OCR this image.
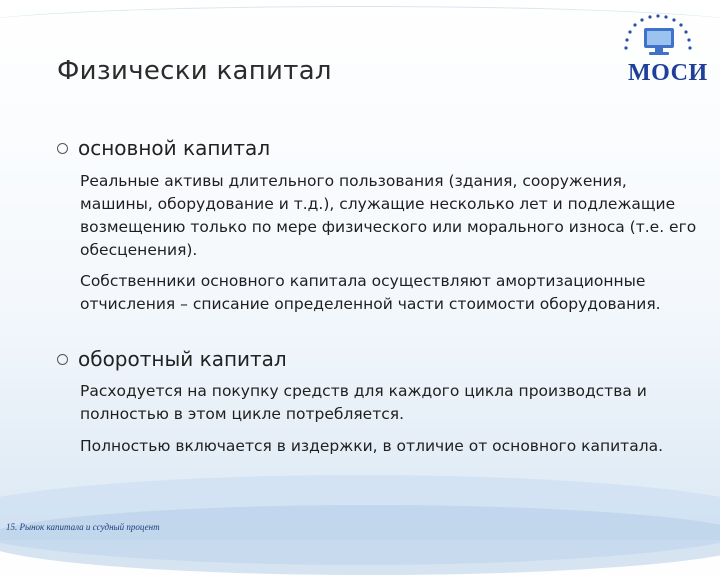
Физически капитал	МОСИ
основной капитал
Реальные активы длительного пользования (здания, сооружения, машины, оборудование и т.д.), служащие несколько лет и подлежащие возмещению только по мере физического или морального износа (т.е. его обесценения).
Собственники основного капитала осуществляют амортизационные отчисления – списание определенной части стоимости оборудования.
оборотный капитал
Расходуется на покупку средств для каждого цикла производства и полностью в этом цикле потребляется.
Полностью включается в издержки, в отличие от основного капитала.
15. Рынок капитала и ссудный процент
